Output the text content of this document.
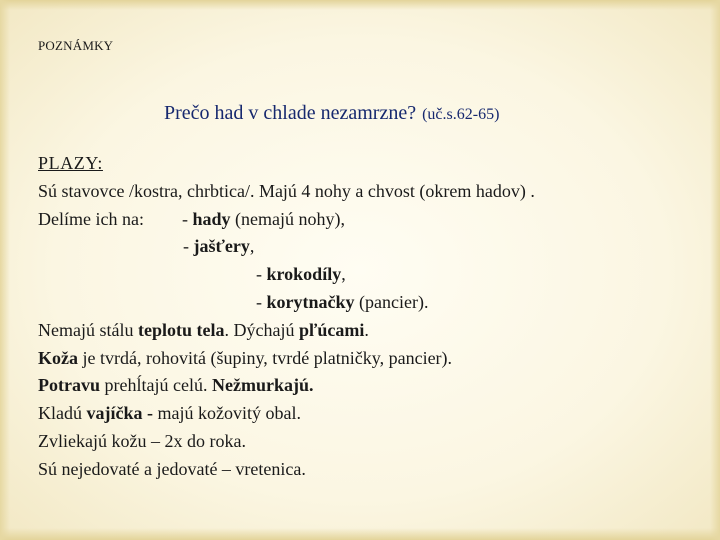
POZNÁMKY
Prečo had v chlade nezamrzne? (uč.s.62-65)
PLAZY:
Sú stavovce /kostra, chrbtica/. Majú 4 nohy a chvost (okrem hadov) .
Delíme ich na: - hady (nemajú nohy),
- jašťery,
- krokodíly,
- korytnačky (pancier).
Nemajú stálu teplotu tela. Dýchajú pľúcami.
Koža je tvrdá, rohovitá (šupiny, tvrdé platničky, pancier).
Potravu prehĺtajú celú. Nežmurkajú.
Kladú vajíčka - majú kožovitý obal.
Zvliekajú kožu – 2x do roka.
Sú nejedovaté a jedovaté – vretenica.
